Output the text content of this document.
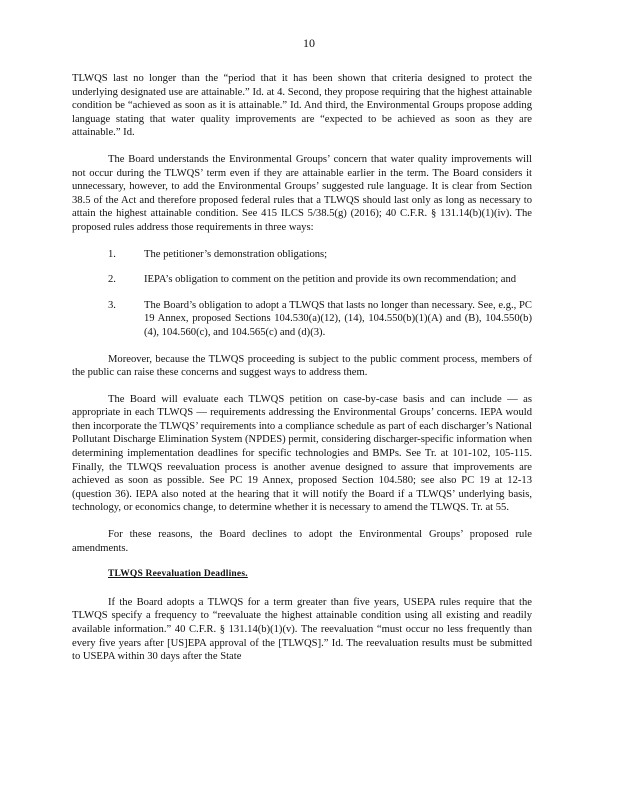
10

TLWQS last no longer than the “period that it has been shown that criteria designed to protect the underlying designated use are attainable.” Id. at 4. Second, they propose requiring that the highest attainable condition be “achieved as soon as it is attainable.” Id. And third, the Environmental Groups propose adding language stating that water quality improvements are “expected to be achieved as soon as they are attainable.” Id.

The Board understands the Environmental Groups’ concern that water quality improvements will not occur during the TLWQS’ term even if they are attainable earlier in the term. The Board considers it unnecessary, however, to add the Environmental Groups’ suggested rule language. It is clear from Section 38.5 of the Act and therefore proposed federal rules that a TLWQS should last only as long as necessary to attain the highest attainable condition. See 415 ILCS 5/38.5(g) (2016); 40 C.F.R. § 131.14(b)(1)(iv). The proposed rules address those requirements in three ways:

1.	The petitioner’s demonstration obligations;
2.	IEPA’s obligation to comment on the petition and provide its own recommendation; and
3.	The Board’s obligation to adopt a TLWQS that lasts no longer than necessary. See, e.g., PC 19 Annex, proposed Sections 104.530(a)(12), (14), 104.550(b)(1)(A) and (B), 104.550(b)(4), 104.560(c), and 104.565(c) and (d)(3).

Moreover, because the TLWQS proceeding is subject to the public comment process, members of the public can raise these concerns and suggest ways to address them.

The Board will evaluate each TLWQS petition on case-by-case basis and can include — as appropriate in each TLWQS — requirements addressing the Environmental Groups’ concerns. IEPA would then incorporate the TLWQS’ requirements into a compliance schedule as part of each discharger’s National Pollutant Discharge Elimination System (NPDES) permit, considering discharger-specific information when determining implementation deadlines for specific technologies and BMPs. See Tr. at 101-102, 105-115. Finally, the TLWQS reevaluation process is another avenue designed to assure that improvements are achieved as soon as possible. See PC 19 Annex, proposed Section 104.580; see also PC 19 at 12-13 (question 36). IEPA also noted at the hearing that it will notify the Board if a TLWQS’ underlying basis, technology, or economics change, to determine whether it is necessary to amend the TLWQS. Tr. at 55.

For these reasons, the Board declines to adopt the Environmental Groups’ proposed rule amendments.

TLWQS Reevaluation Deadlines.

If the Board adopts a TLWQS for a term greater than five years, USEPA rules require that the TLWQS specify a frequency to “reevaluate the highest attainable condition using all existing and readily available information.” 40 C.F.R. § 131.14(b)(1)(v). The reevaluation “must occur no less frequently than every five years after [US]EPA approval of the [TLWQS].” Id. The reevaluation results must be submitted to USEPA within 30 days after the State
